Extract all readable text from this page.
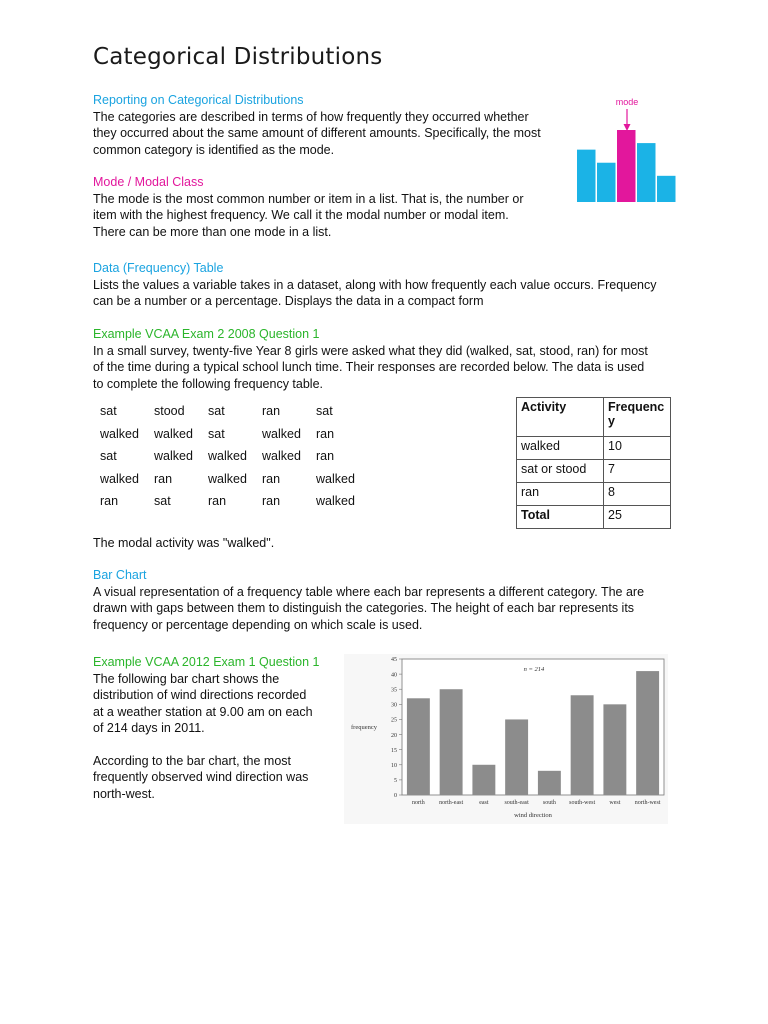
Categorical Distributions
Reporting on Categorical Distributions
The categories are described in terms of how frequently they occurred whether
they occurred about the same amount of different amounts. Specifically, the most
common category is identified as the mode.
mode
Mode / Modal Class
The mode is the most common number or item in a list. That is, the number or
item with the highest frequency. We call it the modal number or modal item.
There can be more than one mode in a list.
Data (Frequency) Table
Lists the values a variable takes in a dataset, along with how frequently each value occurs. Frequency
can be a number or a percentage. Displays the data in a compact form
Example VCAA Exam 2 2008 Question 1
In a small survey, twenty-five Year 8 girls were asked what they did (walked, sat, stood, ran) for most
of the time during a typical school lunch time. Their responses are recorded below. The data is used
to complete the following frequency table.
sat	stood	sat	ran	sat
walked	walked	sat	walked	ran
sat	walked	walked	walked	ran
walked	ran	walked	ran	walked
ran	sat	ran	ran	walked
Activity	Frequenc
y
walked	10
sat or stood	7
ran	8
Total	25
The modal activity was "walked".
Bar Chart
A visual representation of a frequency table where each bar represents a different category. The are
drawn with gaps between them to distinguish the categories. The height of each bar represents its
frequency or percentage depending on which scale is used.
Example VCAA 2012 Exam 1 Question 1
The following bar chart shows the
distribution of wind directions recorded
at a weather station at 9.00 am on each
of 214 days in 2011.
According to the bar chart, the most
frequently observed wind direction was
north-west.	0
5
10
15
20
25
30
35
40
45
north north-east	east	south-east south south-west west north-west
n = 214
frequency
wind direction
